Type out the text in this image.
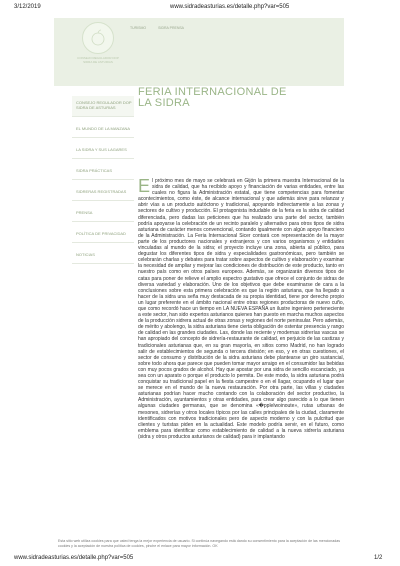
3/12/2019	www.sidradeasturias.es/detalle.php?var=505
CONSEJO REGULADOR DOP SIDRA DE ASTURIAS
TURISMO	SIDRA PRENSA
CONSEJO REGULADOR DOP SIDRA DE ASTURIAS
EL MUNDO DE LA MANZANA
LA SIDRA Y SUS LAGARES
SIDRA PRÁCTICAS
SIDRERAS REGISTRADAS
PRENSA
POLÍTICA DE PRIVACIDAD
NOTICIAS
FERIA INTERNACIONAL DE LA SIDRA
El próximo mes de mayo se celebrará en Gijón la primera muestra Internacional de la sidra de calidad, que ha recibido apoyo y financiación de varias entidades, entre las cuales no figura la Administración estatal, que tiene competencias para fomentar acontecimientos, como éste, de alcance internacional y que además sirve para relanzar y abrir vías a un producto autóctono y tradicional, apoyando indirectamente a las zonas y sectores de cultivo y producción. El protagonista indudable de la feria es la sidra de calidad diferenciada, pero dadas las peticiones que ha realizado una parte del sector, también podría apoyarse la celebración de un recinto paralelo y alternativo para otros tipos de sidra asturiana de carácter menos convencional, contando igualmente con algún apoyo financiero de la Administración. La Feria Internacional Sicer contará con representación de la mayor parte de los productores nacionales y extranjeros y con varios organismos y entidades vinculadas al mundo de la sidra; el proyecto incluye una zona, abierta al público, para degustar los diferentes tipos de sidra y especialidades gastronómicas, pero también se celebrarán charlas y debates para tratar sobre aspectos de cultivo y elaboración y examinar la necesidad de ampliar y mejorar las condiciones de distribución de este producto, tanto en nuestro país como en otros países europeos. Además, se organizarán diversos tipos de catas para poner de relieve el amplio espectro gustativo que ofrece el conjunto de sidras de diversa variedad y elaboración. Uno de los objetivos que debe examinarse de cara a la conclusiones sobre esta primera celebración es que la región asturiana, que ha llegado a hacer de la sidra una seña muy destacada de su propia identidad, tiene por derecho propio un lugar preferente en el ámbito nacional entre otras regiones productoras de nuevo cuño, que como recordó hace un tiempo en LA NUEVA ESPAÑA un ilustre ingeniero perteneciente a este sector, han sido expertos asturianos quienes han puesto en marcha muchos aspectos de la producción sidrera actual de otras zonas y regiones del norte peninsular. Pero además, de mérito y abolengo, la sidra asturiana tiene cierta obligación de ostentar presencia y rango de calidad en las grandes ciudades. Las, donde las reciente y modernas sidrerías vascas se han apropiado del concepto de sidrería-restaurante de calidad, en perjuicio de las castizas y tradicionales asturianas que, en su gran mayoría, en sitios como Madrid, no han logrado salir de establecimientos de segunda o tercera división; en eso, y en otras cuestiones, el sector de consumo y distribución de la sidra asturiana debe plantearse un giro sustancial, sobre todo ahora que parece que pueden tomar mayor arraigo en el consumidor las bebidas con muy pocos grados de alcohol. Hay que apostar por una sidra de sencillo escanciado, ya sea con un aparato o porque el producto lo permita. De este modo, la sidra asturiana podrá conquistar su tradicional papel en la fiesta campestre o en el llagar, ocupando el lugar que se merece en el mundo de la nueva restauración. Por otra parte, las villas y ciudades asturianas podrían hacer mucho contando con la colaboración del sector productivo, la Administración, ayuntamientos y otras entidades, para crear algo parecido a lo que tienen algunas ciudades germanas, que se denomina «�pplelwoinoute», rutas urbanas de mesones, sidrerías y otros locales típicos por las calles principales de la ciudad, claramente identificados con motivos tradicionales pero de aspecto moderno y con la pulcritud que clientes y turistas piden en la actualidad. Este modelo podría servir, en el futuro, como emblema para identificar como establecimiento de calidad a la nueva sidrería asturiana (sidra y otros productos asturianos de calidad) para ir implantando
Esta sitio web utiliza cookies para que usted tenga la mejor experiencia de usuario. Si continúa navegando está dando su consentimiento para la aceptación de las mencionadas cookies y la aceptación de nuestra política de cookies, pinche el enlace para mayor información. OK
www.sidradeasturias.es/detalle.php?var=505	1/2
